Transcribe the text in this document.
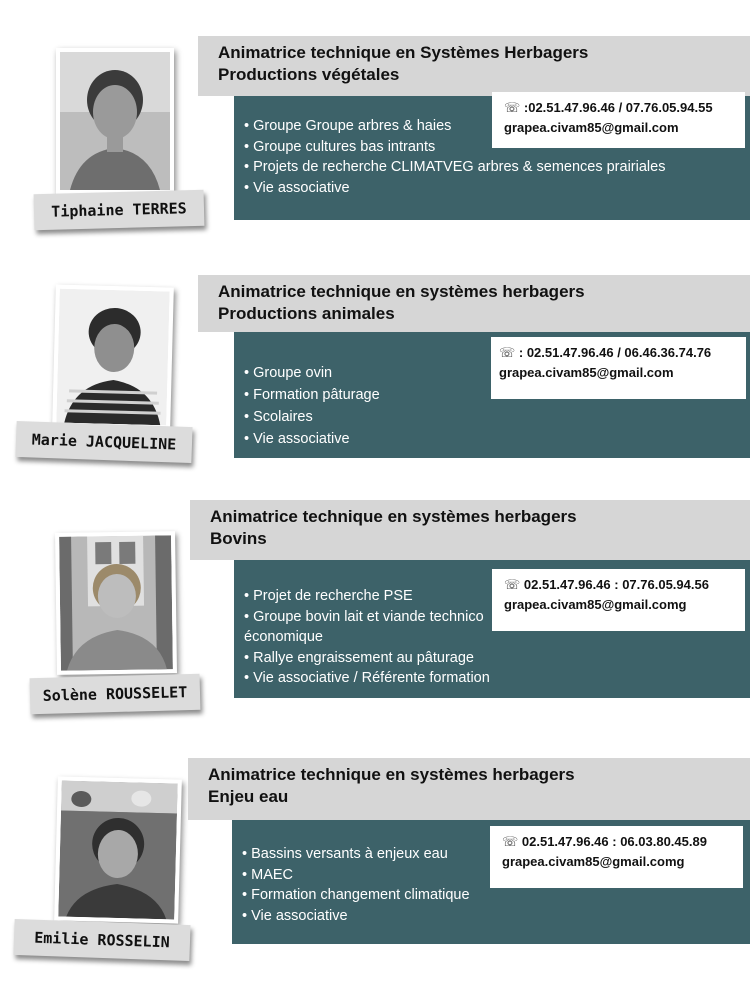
Tiphaine TERRES
Animatrice technique en Systèmes Herbagers
Productions végétales
• Groupe Groupe arbres & haies
• Groupe cultures bas intrants
• Projets de recherche CLIMATVEG arbres & semences prairiales
• Vie associative
☏ :02.51.47.96.46 / 07.76.05.94.55
grapea.civam85@gmail.com
Marie JACQUELINE
Animatrice technique en systèmes herbagers
Productions animales
• Groupe ovin
• Formation pâturage
• Scolaires
• Vie associative
☏ : 02.51.47.96.46 / 06.46.36.74.76
grapea.civam85@gmail.com
Solène ROUSSELET
Animatrice technique en systèmes herbagers
Bovins
• Projet de recherche PSE
• Groupe bovin lait et viande technico économique
• Rallye engraissement au pâturage
• Vie associative / Référente formation
☏ 02.51.47.96.46 : 07.76.05.94.56
grapea.civam85@gmail.comg
Emilie ROSSELIN
Animatrice technique en systèmes herbagers
Enjeu eau
• Bassins versants à enjeux eau
• MAEC
• Formation changement climatique
• Vie associative
☏ 02.51.47.96.46 : 06.03.80.45.89
grapea.civam85@gmail.comg
